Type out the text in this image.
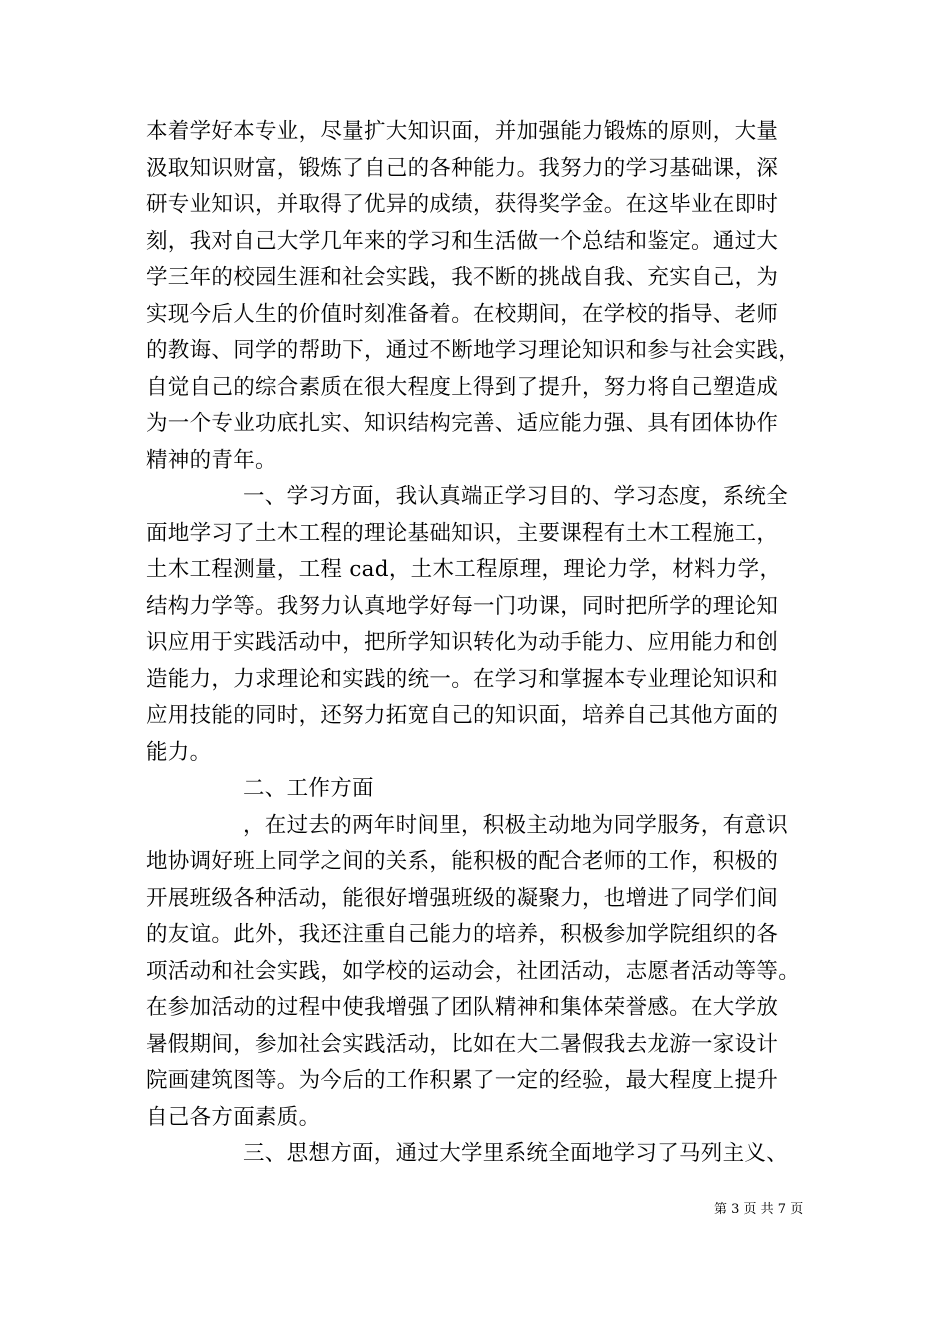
本着学好本专业，尽量扩大知识面，并加强能力锻炼的原则，大量
汲取知识财富，锻炼了自己的各种能力。我努力的学习基础课，深
研专业知识，并取得了优异的成绩，获得奖学金。在这毕业在即时
刻，我对自己大学几年来的学习和生活做一个总结和鉴定。通过大
学三年的校园生涯和社会实践，我不断的挑战自我、充实自己，为
实现今后人生的价值时刻准备着。在校期间，在学校的指导、老师
的教诲、同学的帮助下，通过不断地学习理论知识和参与社会实践，
自觉自己的综合素质在很大程度上得到了提升，努力将自己塑造成
为一个专业功底扎实、知识结构完善、适应能力强、具有团体协作
精神的青年。
一、学习方面，我认真端正学习目的、学习态度，系统全
面地学习了土木工程的理论基础知识，主要课程有土木工程施工，
土木工程测量，工程 cad，土木工程原理，理论力学，材料力学，
结构力学等。我努力认真地学好每一门功课，同时把所学的理论知
识应用于实践活动中，把所学知识转化为动手能力、应用能力和创
造能力，力求理论和实践的统一。在学习和掌握本专业理论知识和
应用技能的同时，还努力拓宽自己的知识面，培养自己其他方面的
能力。
二、工作方面
，在过去的两年时间里，积极主动地为同学服务，有意识
地协调好班上同学之间的关系，能积极的配合老师的工作，积极的
开展班级各种活动，能很好增强班级的凝聚力，也增进了同学们间
的友谊。此外，我还注重自己能力的培养，积极参加学院组织的各
项活动和社会实践，如学校的运动会，社团活动，志愿者活动等等。
在参加活动的过程中使我增强了团队精神和集体荣誉感。在大学放
暑假期间，参加社会实践活动，比如在大二暑假我去龙游一家设计
院画建筑图等。为今后的工作积累了一定的经验，最大程度上提升
自己各方面素质。
三、思想方面，通过大学里系统全面地学习了马列主义、
第 3 页 共 7 页
